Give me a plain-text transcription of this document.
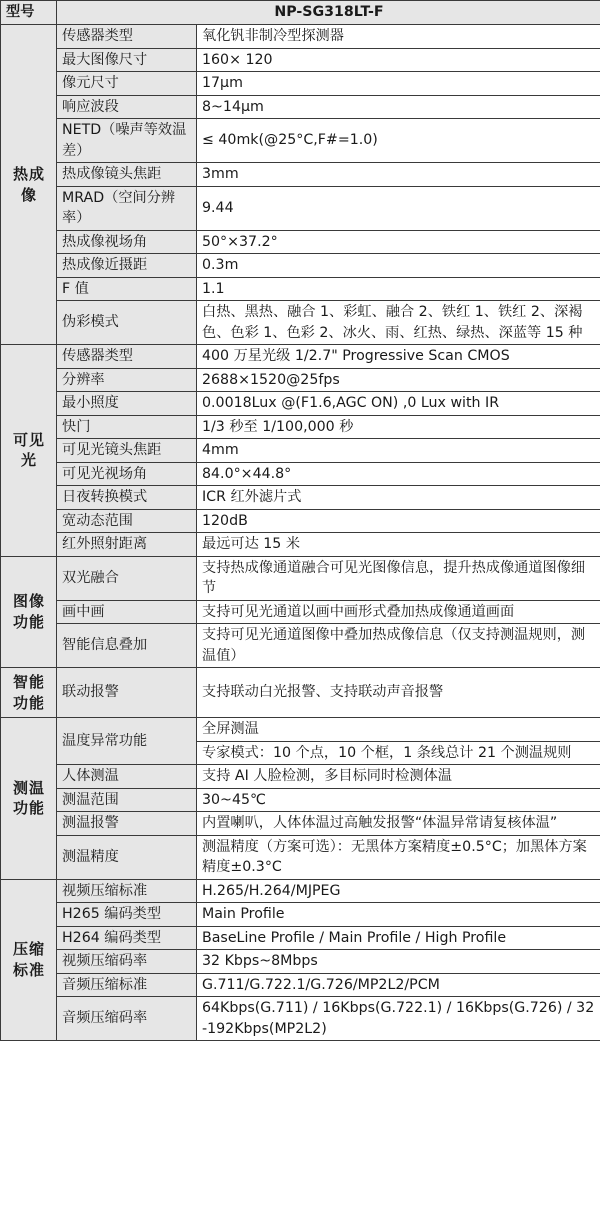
型号	NP-SG318LT-F	
热成像	传感器类型	氧化钒非制冷型探测器
	最大图像尺寸	160× 120
	像元尺寸	17μm
	响应波段	8~14μm
	NETD（噪声等效温差）	≤ 40mk(@25°C,F#=1.0)
	热成像镜头焦距	3mm
	MRAD（空间分辨率）	9.44
	热成像视场角	50°×37.2°
	热成像近摄距	0.3m
	F 值	1.1
	伪彩模式	白热、黑热、融合 1、彩虹、融合 2、铁红 1、铁红 2、深褐色、色彩 1、色彩 2、冰火、雨、红热、绿热、深蓝等 15 种
可见光	传感器类型	400 万星光级 1/2.7" Progressive Scan CMOS
	分辨率	2688×1520@25fps
	最小照度	0.0018Lux @(F1.6,AGC ON) ,0 Lux with IR
	快门	1/3 秒至 1/100,000 秒
	可见光镜头焦距	4mm
	可见光视场角	84.0°×44.8°
	日夜转换模式	ICR 红外滤片式
	宽动态范围	120dB
	红外照射距离	最远可达 15 米
图像功能	双光融合	支持热成像通道融合可见光图像信息，提升热成像通道图像细节
	画中画	支持可见光通道以画中画形式叠加热成像通道画面
	智能信息叠加	支持可见光通道图像中叠加热成像信息（仅支持测温规则，测温值）
智能功能	联动报警	支持联动白光报警、支持联动声音报警
测温功能	温度异常功能	全屏测温
		专家模式：10 个点，10 个框，1 条线总计 21 个测温规则
	人体测温	支持 AI 人脸检测，多目标同时检测体温
	测温范围	30~45℃
	测温报警	内置喇叭，人体体温过高触发报警“体温异常请复核体温”
	测温精度	测温精度（方案可选）：无黑体方案精度±0.5°C；加黑体方案精度±0.3°C
压缩标准	视频压缩标准	H.265/H.264/MJPEG
	H265 编码类型	Main Profile
	H264 编码类型	BaseLine Profile / Main Profile / High Profile
	视频压缩码率	32 Kbps~8Mbps
	音频压缩标准	G.711/G.722.1/G.726/MP2L2/PCM
	音频压缩码率	64Kbps(G.711) / 16Kbps(G.722.1) / 16Kbps(G.726) / 32-192Kbps(MP2L2)
